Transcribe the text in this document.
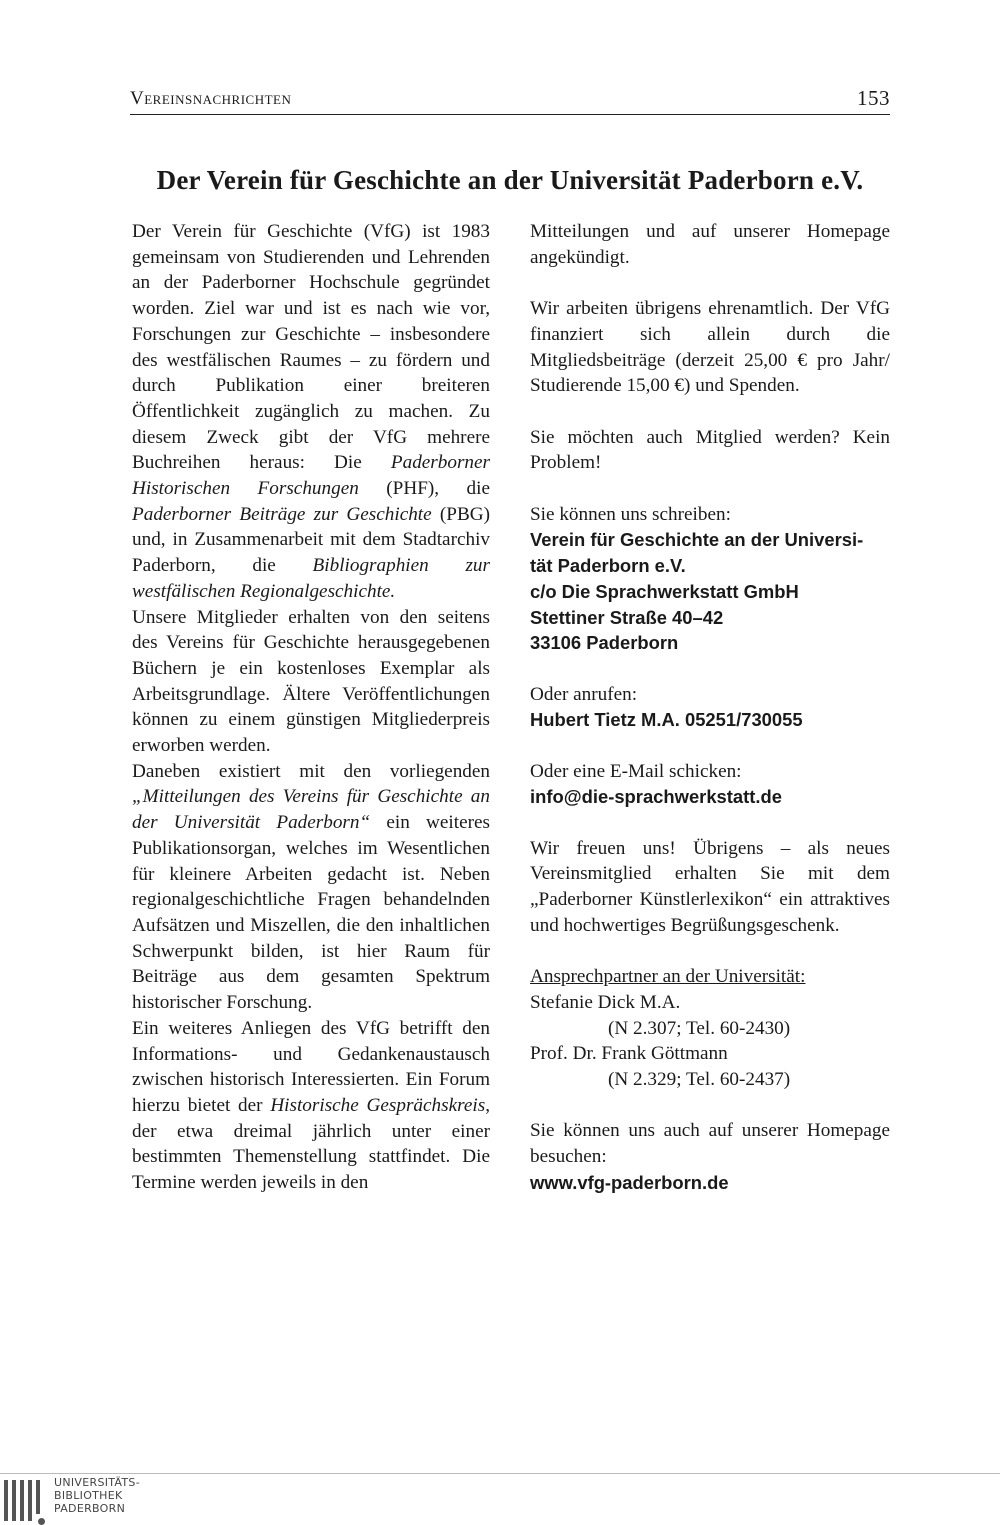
Vereinsnachrichten	153
Der Verein für Geschichte an der Universität Paderborn e.V.

Der Verein für Geschichte (VfG) ist 1983 gemeinsam von Studierenden und Lehrenden an der Paderborner Hochschule gegründet worden. Ziel war und ist es nach wie vor, Forschungen zur Geschichte – insbesondere des westfälischen Raumes – zu fördern und durch Publikation einer breiteren Öffentlichkeit zugänglich zu machen. Zu diesem Zweck gibt der VfG mehrere Buchreihen heraus: Die Paderborner Historischen Forschungen (PHF), die Paderborner Beiträge zur Geschichte (PBG) und, in Zusammenarbeit mit dem Stadtarchiv Paderborn, die Bibliographien zur westfälischen Regionalgeschichte.

Unsere Mitglieder erhalten von den seitens des Vereins für Geschichte herausgegebenen Büchern je ein kostenloses Exemplar als Arbeitsgrundlage. Ältere Veröffentlichungen können zu einem günstigen Mitgliederpreis erworben werden.

Daneben existiert mit den vorliegenden „Mitteilungen des Vereins für Geschichte an der Universität Paderborn“ ein weiteres Publikationsorgan, welches im Wesentlichen für kleinere Arbeiten gedacht ist. Neben regionalgeschichtliche Fragen behandelnden Aufsätzen und Miszellen, die den inhaltlichen Schwerpunkt bilden, ist hier Raum für Beiträge aus dem gesamten Spektrum historischer Forschung.

Ein weiteres Anliegen des VfG betrifft den Informations- und Gedankenaustausch zwischen historisch Interessierten. Ein Forum hierzu bietet der Historische Gesprächskreis, der etwa dreimal jährlich unter einer bestimmten Themenstellung stattfindet. Die Termine werden jeweils in den

Mitteilungen und auf unserer Homepage angekündigt.

Wir arbeiten übrigens ehrenamtlich. Der VfG finanziert sich allein durch die Mitgliedsbeiträge (derzeit 25,00 € pro Jahr/ Studierende 15,00 €) und Spenden.

Sie möchten auch Mitglied werden? Kein Problem!

Sie können uns schreiben:

Verein für Geschichte an der Universi-
tät Paderborn e.V.
c/o Die Sprachwerkstatt GmbH
Stettiner Straße 40–42
33106 Paderborn

Oder anrufen:

Hubert Tietz M.A. 05251/730055

Oder eine E-Mail schicken:

info@die-sprachwerkstatt.de

Wir freuen uns! Übrigens – als neues Vereinsmitglied erhalten Sie mit dem „Paderborner Künstlerlexikon“ ein attraktives und hochwertiges Begrüßungsgeschenk.

Ansprechpartner an der Universität:

Stefanie Dick M.A.
(N 2.307; Tel. 60-2430)
Prof. Dr. Frank Göttmann
(N 2.329; Tel. 60-2437)

Sie können uns auch auf unserer Homepage besuchen:

www.vfg-paderborn.de
UNIVERSITÄTS-
BIBLIOTHEK
PADERBORN
